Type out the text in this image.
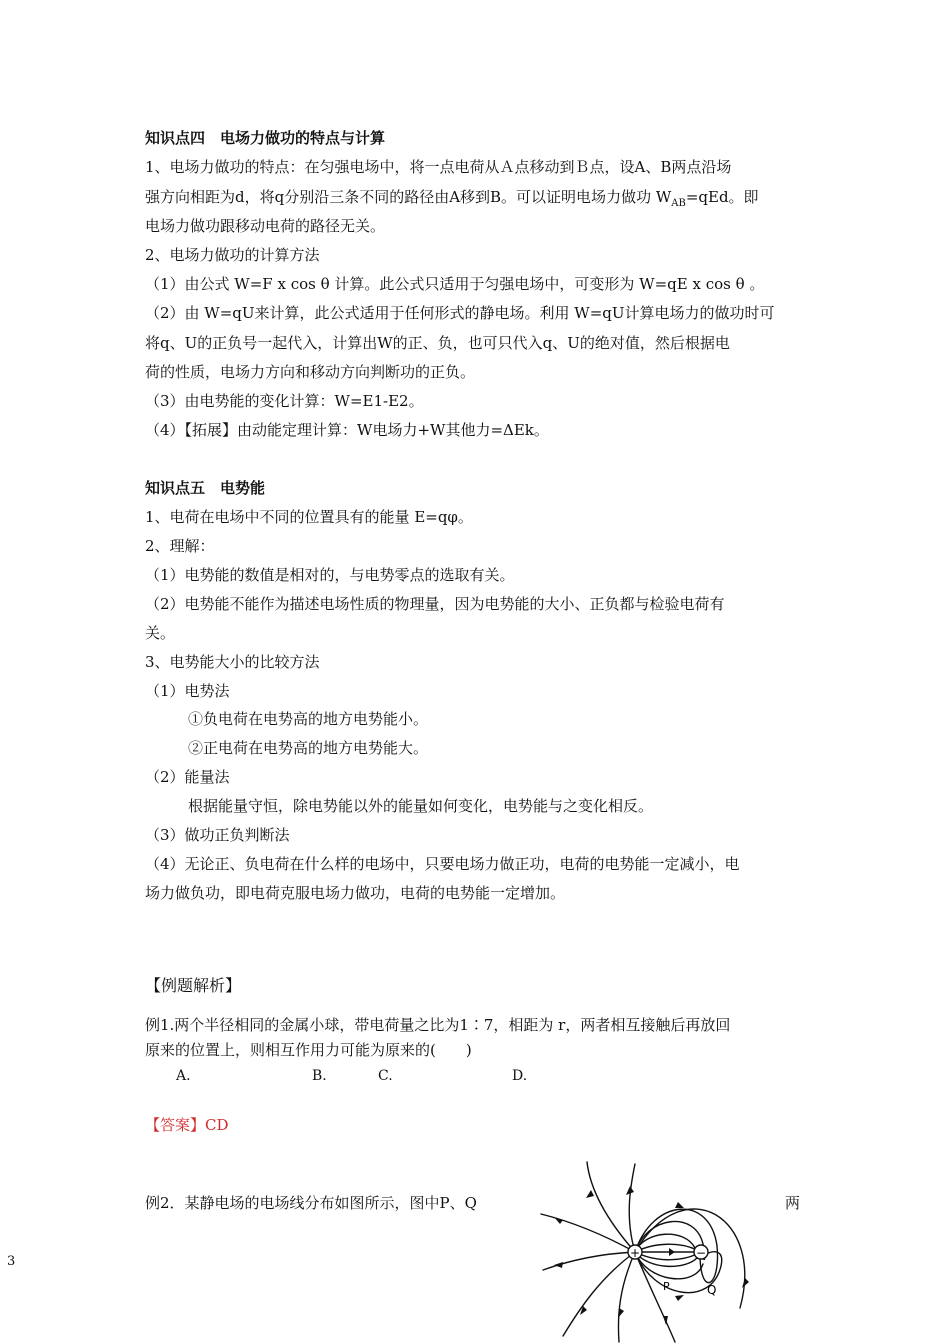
知识点四　电场力做功的特点与计算
1、电场力做功的特点：在匀强电场中，将一点电荷从Ａ点移动到Ｂ点，设A、B两点沿场
强方向相距为d，将q分别沿三条不同的路径由A移到B。可以证明电场力做功 $W_{AB}=qEd$。即
电场力做功跟移动电荷的路径无关。
2、电场力做功的计算方法
（1）由公式 W=F x cos θ 计算。此公式只适用于匀强电场中，可变形为 W=qE x cos θ 。
（2）由 W=qU来计算，此公式适用于任何形式的静电场。利用 W=qU计算电场力的做功时可
将q、U的正负号一起代入，计算出W的正、负，也可只代入q、U的绝对值，然后根据电
荷的性质，电场力方向和移动方向判断功的正负。
（3）由电势能的变化计算：W=E1-E2。
（4）【拓展】由动能定理计算：W电场力+W其他力=ΔEk。
知识点五　电势能
1、电荷在电场中不同的位置具有的能量 E=qφ。
2、理解：
（1）电势能的数值是相对的，与电势零点的选取有关。
（2）电势能不能作为描述电场性质的物理量，因为电势能的大小、正负都与检验电荷有
关。
3、电势能大小的比较方法
（1）电势法
①负电荷在电势高的地方电势能小。
②正电荷在电势高的地方电势能大。
（2）能量法
根据能量守恒，除电势能以外的能量如何变化，电势能与之变化相反。
（3）做功正负判断法
（4）无论正、负电荷在什么样的电场中，只要电场力做正功，电荷的电势能一定减小，电
场力做负功，即电荷克服电场力做功，电荷的电势能一定增加。
【例题解析】
例1.两个半径相同的金属小球，带电荷量之比为1∶7，相距为 r，两者相互接触后再放回
原来的位置上，则相互作用力可能为原来的(　　)
A.	B.	C.	D.
【答案】CD
例2．某静电场的电场线分布如图所示，图中P、Q	两
3
+	−
P	Q
